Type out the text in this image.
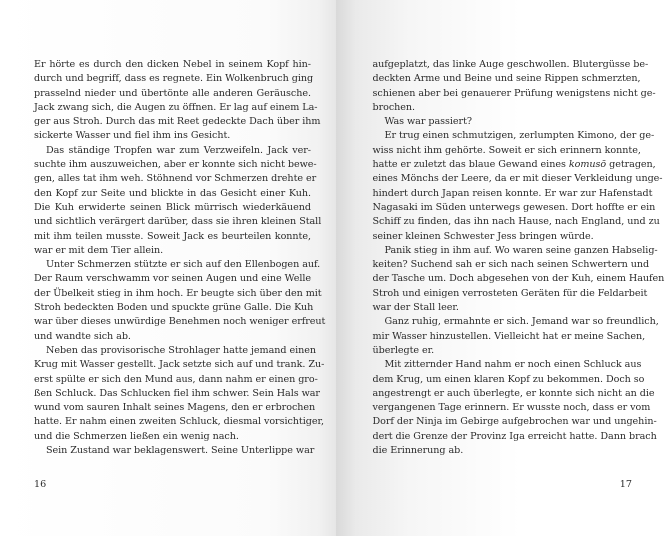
Er hörte es durch den dicken Nebel in seinem Kopf hin-
durch und begriff, dass es regnete. Ein Wolkenbruch ging
prasselnd nieder und übertönte alle anderen Geräusche.
Jack zwang sich, die Augen zu öffnen. Er lag auf einem La-
ger aus Stroh. Durch das mit Reet gedeckte Dach über ihm
sickerte Wasser und fiel ihm ins Gesicht.
Das ständige Tropfen war zum Verzweifeln. Jack ver-
suchte ihm auszuweichen, aber er konnte sich nicht bewe-
gen, alles tat ihm weh. Stöhnend vor Schmerzen drehte er
den Kopf zur Seite und blickte in das Gesicht einer Kuh.
Die Kuh erwiderte seinen Blick mürrisch wiederkäuend
und sichtlich verärgert darüber, dass sie ihren kleinen Stall
mit ihm teilen musste. Soweit Jack es beurteilen konnte,
war er mit dem Tier allein.
Unter Schmerzen stützte er sich auf den Ellenbogen auf.
Der Raum verschwamm vor seinen Augen und eine Welle
der Übelkeit stieg in ihm hoch. Er beugte sich über den mit
Stroh bedeckten Boden und spuckte grüne Galle. Die Kuh
war über dieses unwürdige Benehmen noch weniger erfreut
und wandte sich ab.
Neben das provisorische Strohlager hatte jemand einen
Krug mit Wasser gestellt. Jack setzte sich auf und trank. Zu-
erst spülte er sich den Mund aus, dann nahm er einen gro-
ßen Schluck. Das Schlucken fiel ihm schwer. Sein Hals war
wund vom sauren Inhalt seines Magens, den er erbrochen
hatte. Er nahm einen zweiten Schluck, diesmal vorsichtiger,
und die Schmerzen ließen ein wenig nach.
Sein Zustand war beklagenswert. Seine Unterlippe war
16
aufgeplatzt, das linke Auge geschwollen. Blutergüsse be-
deckten Arme und Beine und seine Rippen schmerzten,
schienen aber bei genauerer Prüfung wenigstens nicht ge-
brochen.
Was war passiert?
Er trug einen schmutzigen, zerlumpten Kimono, der ge-
wiss nicht ihm gehörte. Soweit er sich erinnern konnte,
hatte er zuletzt das blaue Gewand eines komusō getragen,
eines Mönchs der Leere, da er mit dieser Verkleidung unge-
hindert durch Japan reisen konnte. Er war zur Hafenstadt
Nagasaki im Süden unterwegs gewesen. Dort hoffte er ein
Schiff zu finden, das ihn nach Hause, nach England, und zu
seiner kleinen Schwester Jess bringen würde.
Panik stieg in ihm auf. Wo waren seine ganzen Habselig-
keiten? Suchend sah er sich nach seinen Schwertern und
der Tasche um. Doch abgesehen von der Kuh, einem Haufen
Stroh und einigen verrosteten Geräten für die Feldarbeit
war der Stall leer.
Ganz ruhig, ermahnte er sich. Jemand war so freundlich,
mir Wasser hinzustellen. Vielleicht hat er meine Sachen,
überlegte er.
Mit zitternder Hand nahm er noch einen Schluck aus
dem Krug, um einen klaren Kopf zu bekommen. Doch so
angestrengt er auch überlegte, er konnte sich nicht an die
vergangenen Tage erinnern. Er wusste noch, dass er vom
Dorf der Ninja im Gebirge aufgebrochen war und ungehin-
dert die Grenze der Provinz Iga erreicht hatte. Dann brach
die Erinnerung ab.
17
